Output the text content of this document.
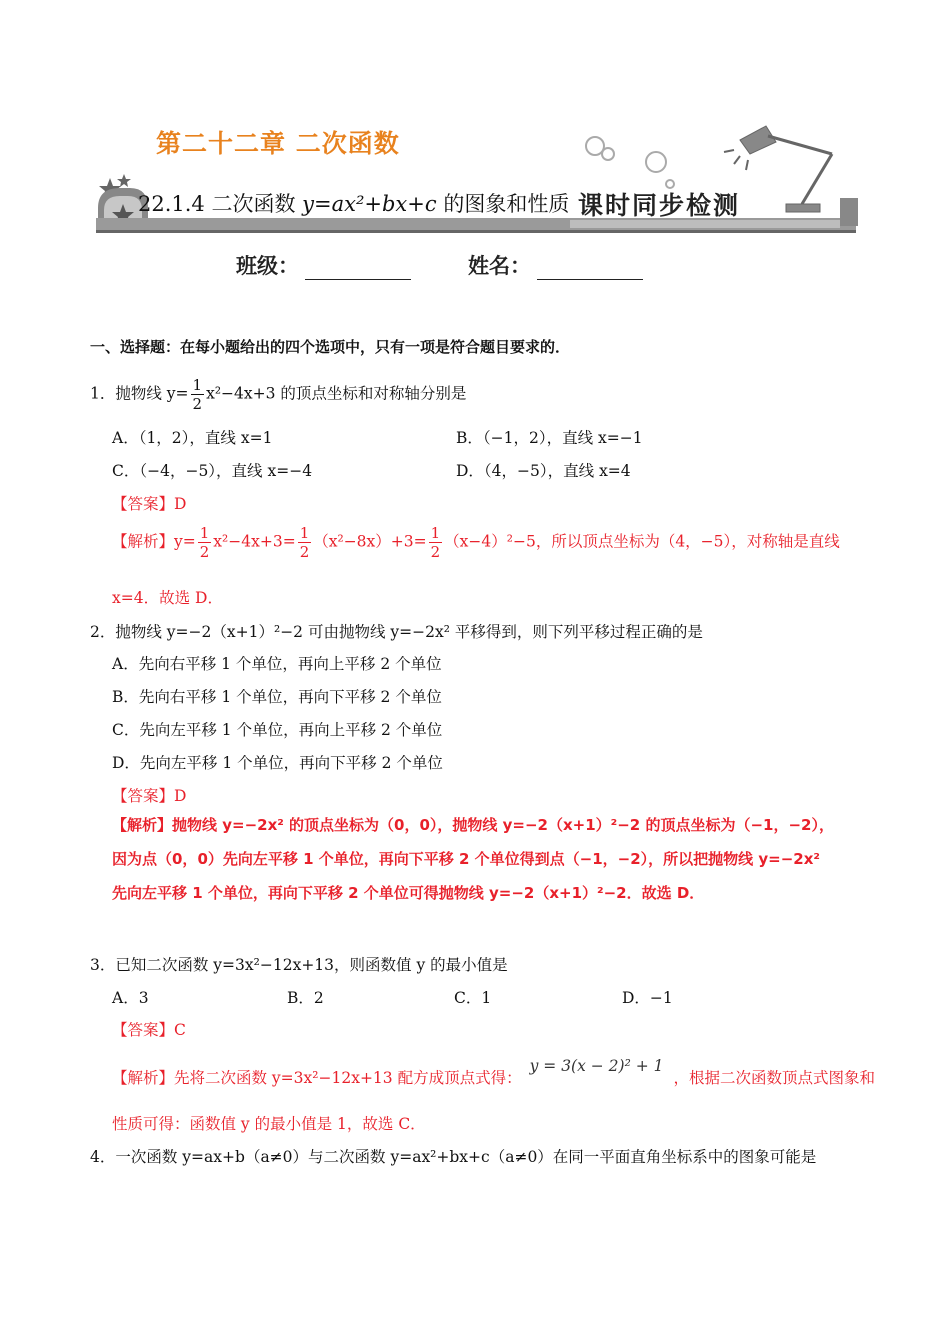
第二十二章 二次函数
22.1.4 二次函数 y=ax²+bx+c 的图象和性质 课时同步检测
班级：	姓名：
一、选择题：在每小题给出的四个选项中，只有一项是符合题目要求的．
1．抛物线 $y= \frac{1}{2} x^2-4x+3$ 的顶点坐标和对称轴分别是
A．（1，2），直线 x=1	B．（−1，2），直线 x=−1
C．（−4，−5），直线 x=−4	D．（4，−5），直线 x=4
【答案】D
【解析】$y= \frac{1}{2} x^2-4x+3= \frac{1}{2} (x^2-8x)+3= \frac{1}{2} (x-4)^2-5$，所以顶点坐标为（4，−5），对称轴是直线
x=4．故选 D．
2．抛物线 y=−2（x+1）²−2 可由抛物线 y=−2x² 平移得到，则下列平移过程正确的是
A．先向右平移 1 个单位，再向上平移 2 个单位
B．先向右平移 1 个单位，再向下平移 2 个单位
C．先向左平移 1 个单位，再向上平移 2 个单位
D．先向左平移 1 个单位，再向下平移 2 个单位
【答案】D
【解析】抛物线 y=−2x² 的顶点坐标为（0，0），抛物线 y=−2（x+1）²−2 的顶点坐标为（−1，−2），
因为点（0，0）先向左平移 1 个单位，再向下平移 2 个单位得到点（−1，−2），所以把抛物线 y=−2x²
先向左平移 1 个单位，再向下平移 2 个单位可得抛物线 y=−2（x+1）²−2．故选 D．
3．已知二次函数 y=3x²−12x+13，则函数值 y 的最小值是
A．3	B．2	C．1	D．−1
【答案】C
【解析】先将二次函数 y=3x²−12x+13 配方成顶点式得：y = 3(x − 2)² + 1，根据二次函数顶点式图象和
性质可得：函数值 y 的最小值是 1，故选 C．
4．一次函数 y=ax+b（a≠0）与二次函数 y=ax²+bx+c（a≠0）在同一平面直角坐标系中的图象可能是
